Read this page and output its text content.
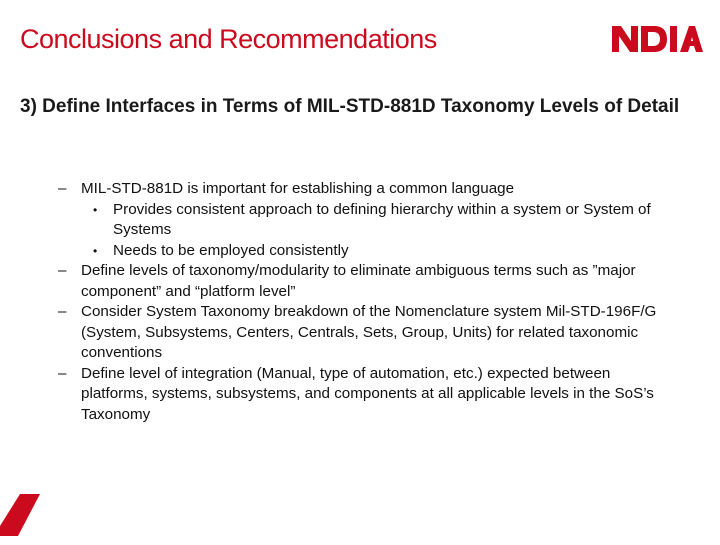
Conclusions and Recommendations
3) Define Interfaces in Terms of MIL-STD-881D Taxonomy Levels of Detail
– MIL-STD-881D is important for establishing a common language
• Provides consistent approach to defining hierarchy within a system or System of Systems
• Needs to be employed consistently
– Define levels of taxonomy/modularity to eliminate ambiguous terms such as ”major component” and “platform level”
– Consider System Taxonomy breakdown of the Nomenclature system Mil-STD-196F/G (System, Subsystems, Centers, Centrals, Sets, Group, Units) for related taxonomic conventions
– Define level of integration (Manual, type of automation, etc.) expected between platforms, systems, subsystems, and components at all applicable levels in the SoS’s Taxonomy
